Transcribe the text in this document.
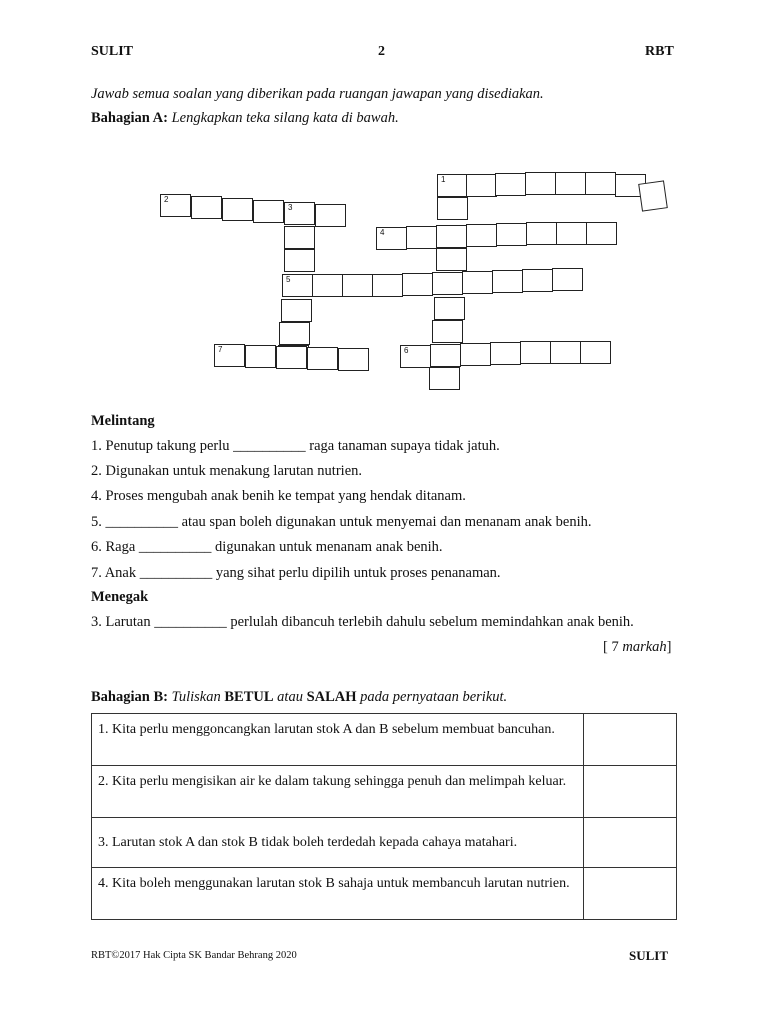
SULIT	2	RBT
Jawab semua soalan yang diberikan pada ruangan jawapan yang disediakan.
Bahagian A: Lengkapkan teka silang kata di bawah.
1
2
3
4
5
7	6
Melintang
1. Penutup takung perlu __________ raga tanaman supaya tidak jatuh.
2. Digunakan untuk menakung larutan nutrien.
4. Proses mengubah anak benih ke tempat yang hendak ditanam.
5. __________ atau span boleh digunakan untuk menyemai dan menanam anak benih.
6. Raga __________ digunakan untuk menanam anak benih.
7. Anak __________ yang sihat perlu dipilih untuk proses penanaman.
Menegak
3. Larutan __________ perlulah dibancuh terlebih dahulu sebelum memindahkan anak benih.
[ 7 markah]
Bahagian B: Tuliskan BETUL atau SALAH pada pernyataan berikut.
1. Kita perlu menggoncangkan larutan stok A dan B sebelum membuat bancuhan.	
2. Kita perlu mengisikan air ke dalam takung sehingga penuh dan melimpah keluar.	
3. Larutan stok A dan stok B tidak boleh terdedah kepada cahaya matahari.	
4. Kita boleh menggunakan larutan stok B sahaja untuk membancuh larutan nutrien.	
RBT©2017 Hak Cipta SK Bandar Behrang 2020	SULIT
